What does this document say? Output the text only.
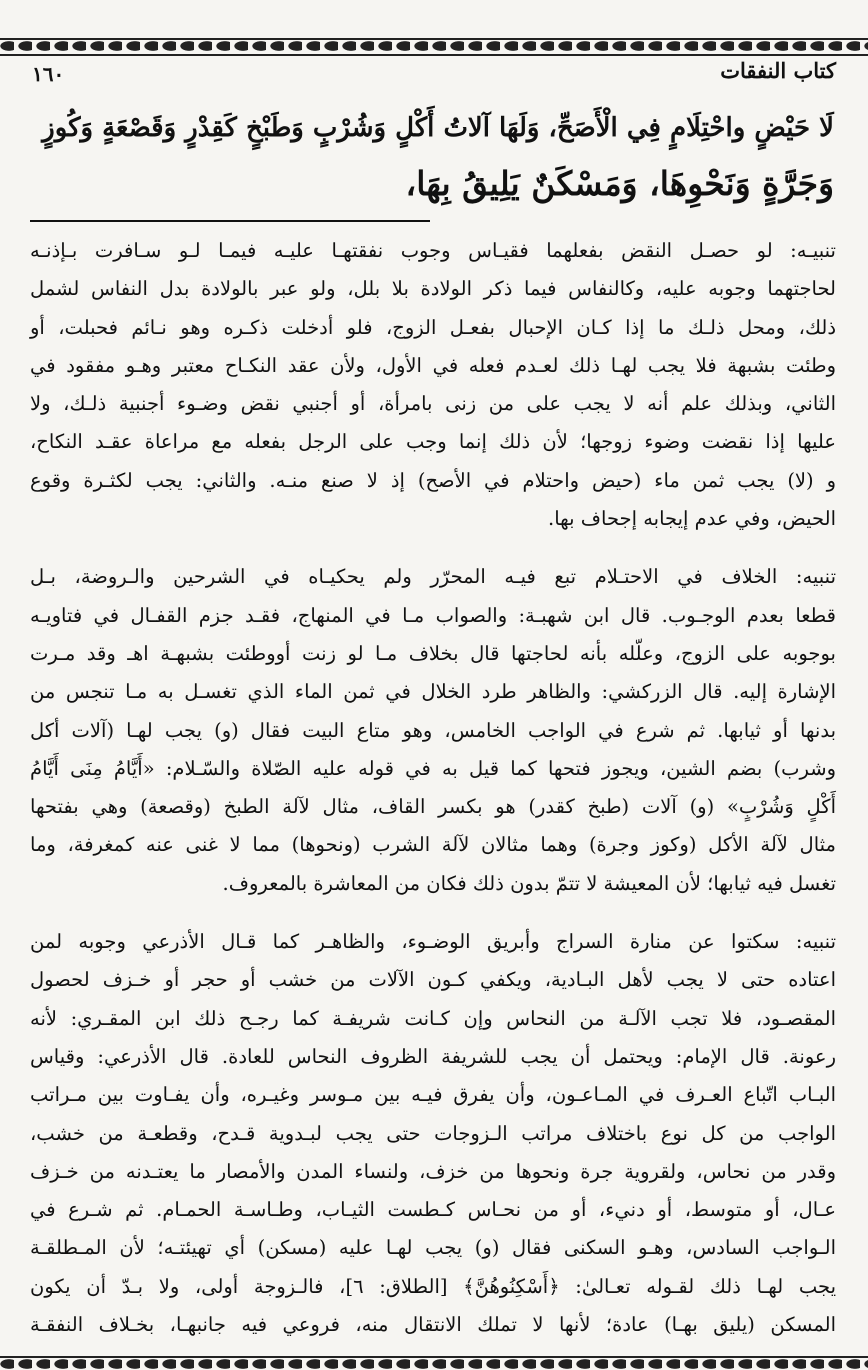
كتاب النفقات
١٦٠
لَا حَيْضٍ واحْتِلَامٍ فِي الْأَصَحِّ، وَلَهَا آلاتُ أَكْلٍ وَشُرْبٍ وَطَبْخٍ كَقِدْرٍ وَقَصْعَةٍ وَكُوزٍ
وَجَرَّةٍ وَنَحْوِهَا، وَمَسْكَنٌ يَلِيقُ بِهَا،
تنبيـه: لو حصـل النقض بفعلهما فقيـاس وجوب نفقتهـا عليـه فيمـا لـو سـافرت بـإذنـه
لحاجتهما وجوبه عليه، وكالنفاس فيما ذكر الولادة بلا بلل، ولو عبر بالولادة بدل النفاس لشمل
ذلك، ومحل ذلـك ما إذا كـان الإحبال بفعـل الزوج، فلو أدخلت ذكـره وهو نـائم فحبلت، أو
وطئت بشبهة فلا يجب لهـا ذلك لعـدم فعله في الأول، ولأن عقد النكـاح معتبر وهـو مفقود في
الثاني، وبذلك علم أنه لا يجب على من زنى بامرأة، أو أجنبي نقض وضـوء أجنبية ذلـك، ولا
عليها إذا نقضت وضوء زوجها؛ لأن ذلك إنما وجب على الرجل بفعله مع مراعاة عقـد النكاح،
و (لا) يجب ثمن ماء (حيض واحتلام في الأصح) إذ لا صنع منـه. والثاني: يجب لكثـرة وقوع
الحيض، وفي عدم إيجابه إجحاف بها.
تنبيه: الخلاف في الاحتـلام تبع فيـه المحرّر ولم يحكيـاه في الشرحين والـروضة، بـل
قطعا بعدم الوجـوب. قال ابن شهبـة: والصواب مـا في المنهاج، فقـد جزم القفـال في فتاويـه
بوجوبه على الزوج، وعلّله بأنه لحاجتها قال بخلاف مـا لو زنت أووطئت بشبهـة اهـ وقد مـرت
الإشارة إليه. قال الزركشي: والظاهر طرد الخلال في ثمن الماء الذي تغسـل به مـا تنجس من
بدنها أو ثيابها. ثم شرع في الواجب الخامس، وهو متاع البيت فقال (و) يجب لهـا (آلات أكل
وشرب) بضم الشين، ويجوز فتحها كما قيل به في قوله عليه الصّلاة والسّـلام: «أَيَّامُ مِنَى أَيَّامُ
أَكْلٍ وَشُرْبٍ» (و) آلات (طبخ كقدر) هو بكسر القاف، مثال لآلة الطبخ (وقصعة) وهي بفتحها
مثال لآلة الأكل (وكوز وجرة) وهما مثالان لآلة الشرب (ونحوها) مما لا غنى عنه كمغرفة، وما
تغسل فيه ثيابها؛ لأن المعيشة لا تتمّ بدون ذلك فكان من المعاشرة بالمعروف.
تنبيه: سكتوا عن منارة السراج وأبريق الوضـوء، والظاهـر كما قـال الأذرعي وجوبه لمن
اعتاده حتى لا يجب لأهل البـادية، ويكفي كـون الآلات من خشب أو حجر أو خـزف لحصول
المقصـود، فلا تجب الآلـة من النحاس وإن كـانت شريفـة كما رجـح ذلك ابن المقـري: لأنه
رعونة. قال الإمام: ويحتمل أن يجب للشريفة الظروف النحاس للعادة. قال الأذرعي: وقياس
البـاب اتّباع العـرف في المـاعـون، وأن يفرق فيـه بين مـوسر وغيـره، وأن يفـاوت بين مـراتب
الواجب من كل نوع باختلاف مراتب الـزوجات حتى يجب لبـدوية قـدح، وقطعـة من خشب،
وقدر من نحاس، ولقروية جرة ونحوها من خزف، ولنساء المدن والأمصار ما يعتـدنه من خـزف
عـال، أو متوسط، أو دنيء، أو من نحـاس كـطست الثيـاب، وطـاسـة الحمـام. ثم شـرع في
الـواجب السادس، وهـو السكنى فقال (و) يجب لهـا عليه (مسكن) أي تهيئتـه؛ لأن المـطلقـة
يجب لهـا ذلك لقـوله تعـالىٰ: ﴿أَسْكِنُوهُنَّ﴾ [الطلاق: ٦]، فالـزوجة أولى، ولا بـدّ أن يكون
المسكن (يليق بهـا) عادة؛ لأنها لا تملك الانتقال منه، فروعي فيه جانبهـا، بخـلاف النفقـة
